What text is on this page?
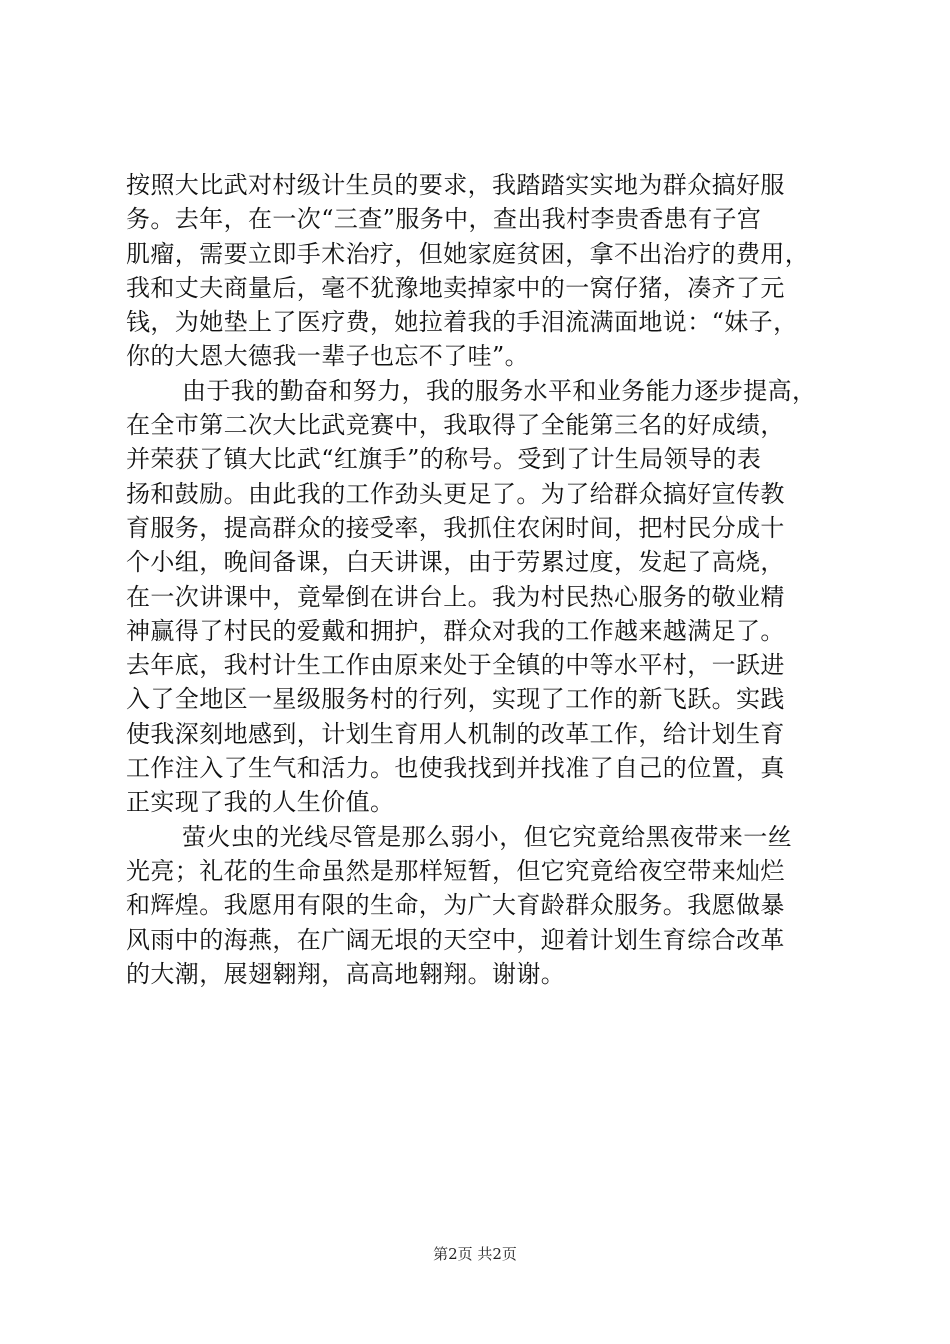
按照大比武对村级计生员的要求，我踏踏实实地为群众搞好服
务。去年，在一次“三查”服务中，查出我村李贵香患有子宫
肌瘤，需要立即手术治疗，但她家庭贫困，拿不出治疗的费用，
我和丈夫商量后，毫不犹豫地卖掉家中的一窝仔猪，凑齐了元
钱，为她垫上了医疗费，她拉着我的手泪流满面地说：“妹子，
你的大恩大德我一辈子也忘不了哇”。
由于我的勤奋和努力，我的服务水平和业务能力逐步提高，
在全市第二次大比武竞赛中，我取得了全能第三名的好成绩，
并荣获了镇大比武“红旗手”的称号。受到了计生局领导的表
扬和鼓励。由此我的工作劲头更足了。为了给群众搞好宣传教
育服务，提高群众的接受率，我抓住农闲时间，把村民分成十
个小组，晚间备课，白天讲课，由于劳累过度，发起了高烧，
在一次讲课中，竟晕倒在讲台上。我为村民热心服务的敬业精
神赢得了村民的爱戴和拥护，群众对我的工作越来越满足了。
去年底，我村计生工作由原来处于全镇的中等水平村，一跃进
入了全地区一星级服务村的行列，实现了工作的新飞跃。实践
使我深刻地感到，计划生育用人机制的改革工作，给计划生育
工作注入了生气和活力。也使我找到并找准了自己的位置，真
正实现了我的人生价值。
萤火虫的光线尽管是那么弱小，但它究竟给黑夜带来一丝
光亮；礼花的生命虽然是那样短暂，但它究竟给夜空带来灿烂
和辉煌。我愿用有限的生命，为广大育龄群众服务。我愿做暴
风雨中的海燕，在广阔无垠的天空中，迎着计划生育综合改革
的大潮，展翅翱翔，高高地翱翔。谢谢。
第2页 共2页
